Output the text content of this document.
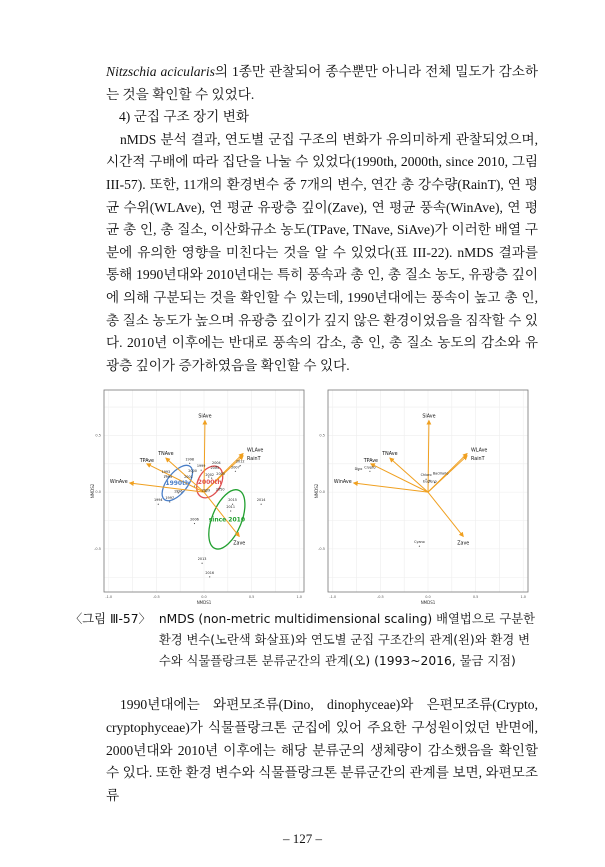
Nitzschia acicularis의 1종만 관찰되어 종수뿐만 아니라 전체 밀도가 감소하는 것을 확인할 수 있었다.

4) 군집 구조 장기 변화

nMDS 분석 결과, 연도별 군집 구조의 변화가 유의미하게 관찰되었으며, 시간적 구배에 따라 집단을 나눌 수 있었다(1990th, 2000th, since 2010, 그림 III-57). 또한, 11개의 환경변수 중 7개의 변수, 연간 총 강수량(RainT), 연 평균 수위(WLAve), 연 평균 유광층 깊이(Zave), 연 평균 풍속(WinAve), 연 평균 총 인, 총 질소, 이산화규소 농도(TPave, TNave, SiAve)가 이러한 배열 구분에 유의한 영향을 미친다는 것을 알 수 있었다(표 III-22). nMDS 결과를 통해 1990년대와 2010년대는 특히 풍속과 총 인, 총 질소 농도, 유광층 깊이에 의해 구분되는 것을 확인할 수 있는데, 1990년대에는 풍속이 높고 총 인, 총 질소 농도가 높으며 유광층 깊이가 깊지 않은 환경이었음을 짐작할 수 있다. 2010년 이후에는 반대로 풍속의 감소, 총 인, 총 질소 농도의 감소와 유광층 깊이가 증가하였음을 확인할 수 있다.

-1.0	-0.5	0.0	0.5	1.0
-0.5
0.0
0.5
NMDS1
NMDS2
SiAve
WLAve
RainT
TNAve
TPAve
WinAve
Zave
1990th 2000th
since 2010
1993
1994
1995
1996
1997
1998
1999
2000
2001	2002
2003
2004
2005
2006
2007
2009 2010
2011
2012
2013
2014
2015
2016
-1.0	-0.5	0.0	0.5	1.0
-0.5
0.0
0.5
NMDS1
NMDS2
SiAve
WLAve
RainT
TNAve
TPAve
WinAve
Zave
Dino Crypto
Chloro
Eugleno
Bacillario
Cyano
〈그림 Ⅲ-57〉 nMDS (non-metric multidimensional scaling) 배열법으로 구분한 환경 변수(노란색 화살표)와 연도별 군집 구조간의 관계(왼)와 환경 변수와 식물플랑크톤 분류군간의 관계(오) (1993~2016, 물금 지점)

1990년대에는 와편모조류(Dino, dinophyceae)와 은편모조류(Crypto, cryptophyceae)가 식물플랑크톤 군집에 있어 주요한 구성원이었던 반면에, 2000년대와 2010년 이후에는 해당 분류군의 생체량이 감소했음을 확인할 수 있다. 또한 환경 변수와 식물플랑크톤 분류군간의 관계를 보면, 와편모조류

– 127 –
